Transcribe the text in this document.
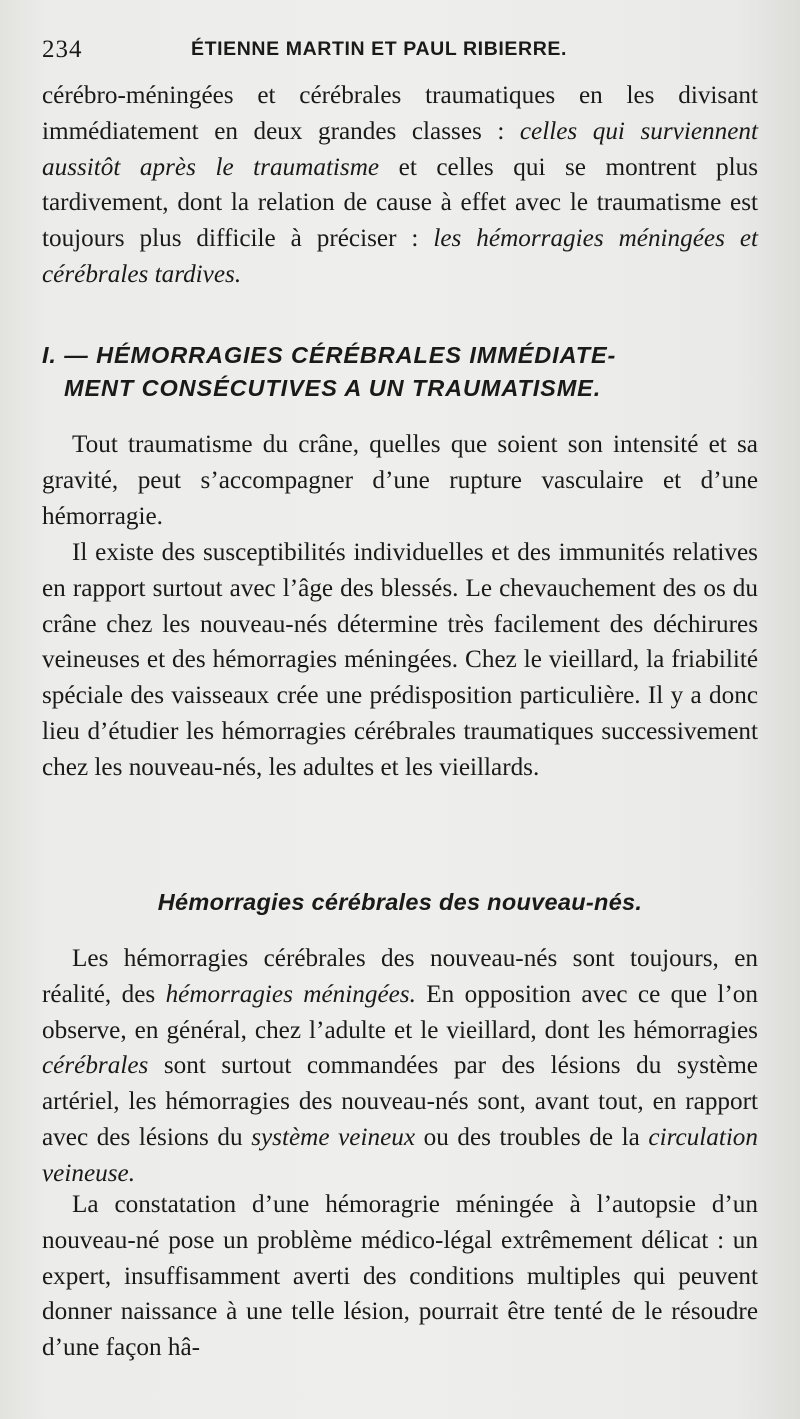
234	ÉTIENNE MARTIN ET PAUL RIBIERRE.

cérébro-méningées et cérébrales traumatiques en les divisant immédiatement en deux grandes classes : celles qui surviennent aussitôt après le traumatisme et celles qui se montrent plus tardivement, dont la relation de cause à effet avec le traumatisme est toujours plus difficile à préciser : les hémorragies méningées et cérébrales tardives.

I. — HÉMORRAGIES CÉRÉBRALES IMMÉDIATE-
MENT CONSÉCUTIVES A UN TRAUMATISME.

Tout traumatisme du crâne, quelles que soient son intensité et sa gravité, peut s’accompagner d’une rupture vasculaire et d’une hémorragie.

Il existe des susceptibilités individuelles et des immunités relatives en rapport surtout avec l’âge des blessés. Le chevauchement des os du crâne chez les nouveau-nés détermine très facilement des déchirures veineuses et des hémorragies méningées. Chez le vieillard, la friabilité spéciale des vaisseaux crée une prédisposition particulière. Il y a donc lieu d’étudier les hémorragies cérébrales traumatiques successivement chez les nouveau-nés, les adultes et les vieillards.

Hémorragies cérébrales des nouveau-nés.

Les hémorragies cérébrales des nouveau-nés sont toujours, en réalité, des hémorragies méningées. En opposition avec ce que l’on observe, en général, chez l’adulte et le vieillard, dont les hémorragies cérébrales sont surtout commandées par des lésions du système artériel, les hémorragies des nouveau-nés sont, avant tout, en rapport avec des lésions du système veineux ou des troubles de la circulation veineuse.

La constatation d’une hémoragrie méningée à l’autopsie d’un nouveau-né pose un problème médico-légal extrêmement délicat : un expert, insuffisamment averti des conditions multiples qui peuvent donner naissance à une telle lésion, pourrait être tenté de le résoudre d’une façon hâ-
